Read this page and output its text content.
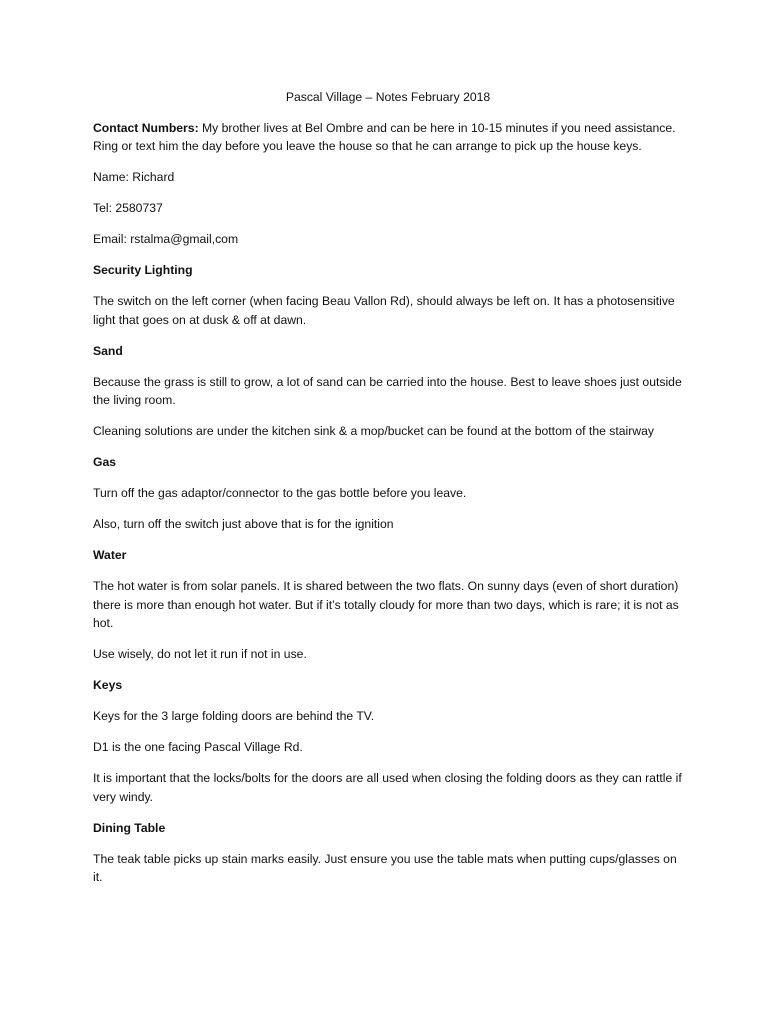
Pascal Village – Notes February 2018

Contact Numbers: My brother lives at Bel Ombre and can be here in 10-15 minutes if you need assistance. Ring or text him the day before you leave the house so that he can arrange to pick up the house keys.

Name: Richard

Tel: 2580737

Email: rstalma@gmail,com

Security Lighting

The switch on the left corner (when facing Beau Vallon Rd), should always be left on. It has a photosensitive light that goes on at dusk & off at dawn.

Sand

Because the grass is still to grow, a lot of sand can be carried into the house. Best to leave shoes just outside the living room.

Cleaning solutions are under the kitchen sink & a mop/bucket can be found at the bottom of the stairway

Gas

Turn off the gas adaptor/connector to the gas bottle before you leave.

Also, turn off the switch just above that is for the ignition

Water

The hot water is from solar panels. It is shared between the two flats. On sunny days (even of short duration) there is more than enough hot water. But if it’s totally cloudy for more than two days, which is rare; it is not as hot.

Use wisely, do not let it run if not in use.

Keys

Keys for the 3 large folding doors are behind the TV.

D1 is the one facing Pascal Village Rd.

It is important that the locks/bolts for the doors are all used when closing the folding doors as they can rattle if very windy.

Dining Table

The teak table picks up stain marks easily. Just ensure you use the table mats when putting cups/glasses on it.
